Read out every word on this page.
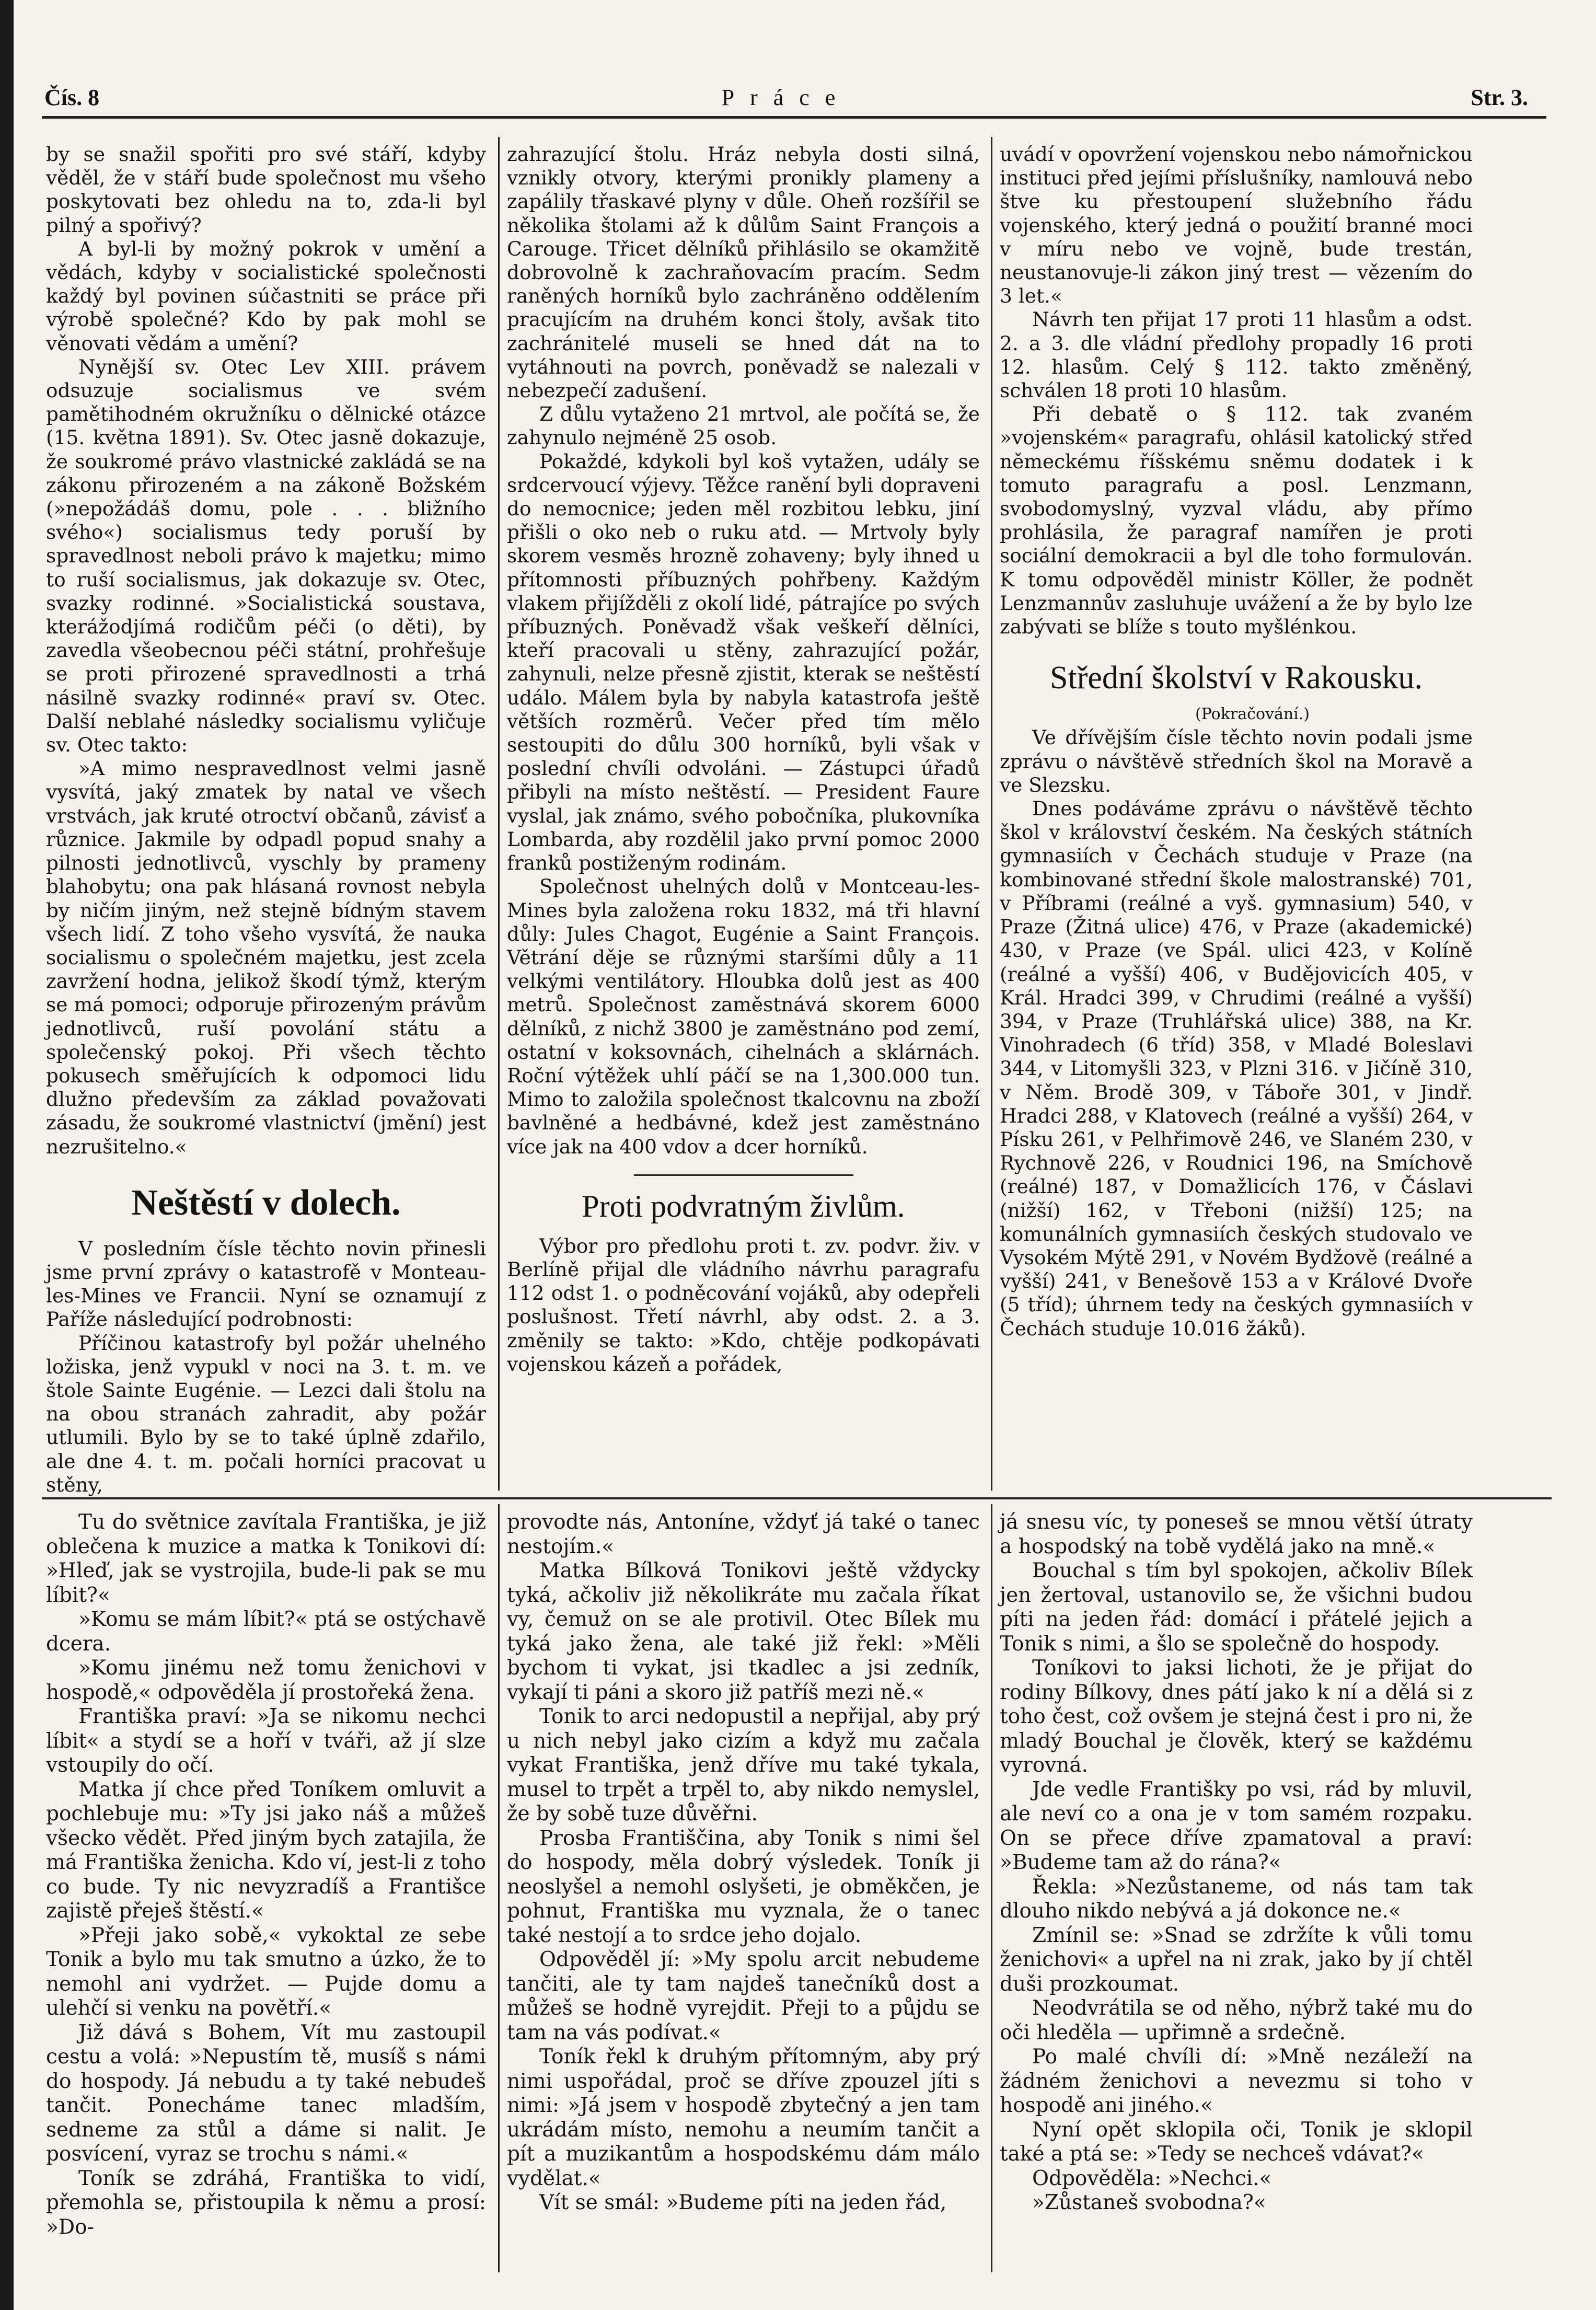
Čís. 8	Práce	Str. 3.

by se snažil spořiti pro své stáří, kdyby věděl, že v stáří bude společnost mu všeho poskytovati bez ohledu na to, zda-li byl pilný a spořivý?

A byl-li by možný pokrok v umění a vědách, kdyby v socialistické společnosti každý byl povinen súčastniti se práce při výrobě společné? Kdo by pak mohl se věnovati vědám a umění?

Nynější sv. Otec Lev XIII. právem odsuzuje socialismus ve svém pamětihodném okružníku o dělnické otázce (15. května 1891). Sv. Otec jasně dokazuje, že soukromé právo vlastnické zakládá se na zákonu přirozeném a na zákoně Božském (»nepožádáš domu, pole . . . bližního svého«) socialismus tedy poruší by spravedlnost neboli právo k majetku; mimo to ruší socialismus, jak dokazuje sv. Otec, svazky rodinné. »Socialistická soustava, kterážodjímá rodičům péči (o děti), by zavedla všeobecnou péči státní, prohřešuje se proti přirozené spravedlnosti a trhá násilně svazky rodinné« praví sv. Otec. Další neblahé následky socialismu vyličuje sv. Otec takto:

»A mimo nespravedlnost velmi jasně vysvítá, jaký zmatek by natal ve všech vrstvách, jak kruté otroctví občanů, závisť a různice. Jakmile by odpadl popud snahy a pilnosti jednotlivců, vyschly by prameny blahobytu; ona pak hlásaná rovnost nebyla by ničím jiným, než stejně bídným stavem všech lidí. Z toho všeho vysvítá, že nauka socialismu o společném majetku, jest zcela zavržení hodna, jelikož škodí týmž, kterým se má pomoci; odporuje přirozeným právům jednotlivců, ruší povolání státu a společenský pokoj. Při všech těchto pokusech směřujících k odpomoci lidu dlužno především za základ považovati zásadu, že soukromé vlastnictví (jmění) jest nezrušitelno.«

Neštěstí v dolech.

V posledním čísle těchto novin přinesli jsme první zprávy o katastrofě v Monteau-les-Mines ve Francii. Nyní se oznamují z Paříže následující podrobnosti:

Příčinou katastrofy byl požár uhelného ložiska, jenž vypukl v noci na 3. t. m. ve štole Sainte Eugénie. — Lezci dali štolu na na obou stranách zahradit, aby požár utlumili. Bylo by se to také úplně zdařilo, ale dne 4. t. m. počali horníci pracovat u stěny,

zahrazující štolu. Hráz nebyla dosti silná, vznikly otvory, kterými pronikly plameny a zapálily třaskavé plyny v důle. Oheň rozšířil se několika štolami až k důlům Saint François a Carouge. Třicet dělníků přihlásilo se okamžitě dobrovolně k zachraňovacím pracím. Sedm raněných horníků bylo zachráněno oddělením pracujícím na druhém konci štoly, avšak tito zachránitelé museli se hned dát na to vytáhnouti na povrch, poněvadž se nalezali v nebezpečí zadušení.

Z důlu vytaženo 21 mrtvol, ale počítá se, že zahynulo nejméně 25 osob.

Pokaždé, kdykoli byl koš vytažen, udály se srdcervoucí výjevy. Těžce ranění byli dopraveni do nemocnice; jeden měl rozbitou lebku, jiní přišli o oko neb o ruku atd. — Mrtvoly byly skorem vesměs hrozně zohaveny; byly ihned u přítomnosti příbuzných pohřbeny. Každým vlakem přijížděli z okolí lidé, pátrajíce po svých příbuzných. Poněvadž však veškeří dělníci, kteří pracovali u stěny, zahrazující požár, zahynuli, nelze přesně zjistit, kterak se neštěstí událo. Málem byla by nabyla katastrofa ještě větších rozměrů. Večer před tím mělo sestoupiti do důlu 300 horníků, byli však v poslední chvíli odvoláni. — Zástupci úřadů přibyli na místo neštěstí. — President Faure vyslal, jak známo, svého pobočníka, plukovníka Lombarda, aby rozdělil jako první pomoc 2000 franků postiženým rodinám.

Společnost uhelných dolů v Montceau-les-Mines byla založena roku 1832, má tři hlavní důly: Jules Chagot, Eugénie a Saint François. Větrání děje se různými staršími důly a 11 velkými ventilátory. Hloubka dolů jest as 400 metrů. Společnost zaměstnává skorem 6000 dělníků, z nichž 3800 je zaměstnáno pod zemí, ostatní v koksovnách, cihelnách a sklárnách. Roční výtěžek uhlí páčí se na 1,300.000 tun. Mimo to založila společnost tkalcovnu na zboží bavlněné a hedbávné, kdež jest zaměstnáno více jak na 400 vdov a dcer horníků.

Proti podvratným živlům.

Výbor pro předlohu proti t. zv. podvr. živ. v Berlíně přijal dle vládního návrhu paragrafu 112 odst 1. o podněcování vojáků, aby odepřeli poslušnost. Třetí návrhl, aby odst. 2. a 3. změnily se takto: »Kdo, chtěje podkopávati vojenskou kázeň a pořádek,

uvádí v opovržení vojenskou nebo námořnickou instituci před jejími příslušníky, namlouvá nebo štve ku přestoupení služebního řádu vojenského, který jedná o použití branné moci v míru nebo ve vojně, bude trestán, neustanovuje-li zákon jiný trest — vězením do 3 let.«

Návrh ten přijat 17 proti 11 hlasům a odst. 2. a 3. dle vládní předlohy propadly 16 proti 12. hlasům. Celý § 112. takto změněný, schválen 18 proti 10 hlasům.

Při debatě o § 112. tak zvaném »vojenském« paragrafu, ohlásil katolický střed německému říšskému sněmu dodatek i k tomuto paragrafu a posl. Lenzmann, svobodomyslný, vyzval vládu, aby přímo prohlásila, že paragraf namířen je proti sociální demokracii a byl dle toho formulován. K tomu odpověděl ministr Köller, že podnět Lenzmannův zasluhuje uvážení a že by bylo lze zabývati se blíže s touto myšlénkou.

Střední školství v Rakousku.

(Pokračování.)

Ve dřívějším čísle těchto novin podali jsme zprávu o návštěvě středních škol na Moravě a ve Slezsku.

Dnes podáváme zprávu o návštěvě těchto škol v království českém. Na českých státních gymnasiích v Čechách studuje v Praze (na kombinované střední škole malostranské) 701, v Příbrami (reálné a vyš. gymnasium) 540, v Praze (Žitná ulice) 476, v Praze (akademické) 430, v Praze (ve Spál. ulici 423, v Kolíně (reálné a vyšší) 406, v Budějovicích 405, v Král. Hradci 399, v Chrudimi (reálné a vyšší) 394, v Praze (Truhlářská ulice) 388, na Kr. Vinohradech (6 tříd) 358, v Mladé Boleslavi 344, v Litomyšli 323, v Plzni 316. v Jičíně 310, v Něm. Brodě 309, v Táboře 301, v Jindř. Hradci 288, v Klatovech (reálné a vyšší) 264, v Písku 261, v Pelhřimově 246, ve Slaném 230, v Rychnově 226, v Roudnici 196, na Smíchově (reálné) 187, v Domažlicích 176, v Čáslavi (nižší) 162, v Třeboni (nižší) 125; na komunálních gymnasiích českých studovalo ve Vysokém Mýtě 291, v Novém Bydžově (reálné a vyšší) 241, v Benešově 153 a v Králové Dvoře (5 tříd); úhrnem tedy na českých gymnasiích v Čechách studuje 10.016 žáků).

Tu do světnice zavítala Františka, je již oblečena k muzice a matka k Tonikovi dí: »Hleď, jak se vystrojila, bude-li pak se mu líbit?«

»Komu se mám líbit?« ptá se ostýchavě dcera.

»Komu jinému než tomu ženichovi v hospodě,« odpověděla jí prostořeká žena.

Františka praví: »Ja se nikomu nechci líbit« a stydí se a hoří v tváři, až jí slze vstoupily do očí.

Matka jí chce před Toníkem omluvit a pochlebuje mu: »Ty jsi jako náš a můžeš všecko vědět. Před jiným bych zatajila, že má Františka ženicha. Kdo ví, jest-li z toho co bude. Ty nic nevyzradíš a Františce zajistě přeješ štěstí.«

»Přeji jako sobě,« vykoktal ze sebe Tonik a bylo mu tak smutno a úzko, že to nemohl ani vydržet. — Pujde domu a ulehčí si venku na povětří.«

Již dává s Bohem, Vít mu zastoupil cestu a volá: »Nepustím tě, musíš s námi do hospody. Já nebudu a ty také nebudeš tančit. Ponecháme tanec mladším, sedneme za stůl a dáme si nalit. Je posvícení, vyraz se trochu s námi.«

Toník se zdráhá, Františka to vidí, přemohla se, přistoupila k němu a prosí: »Do-

provodte nás, Antoníne, vždyť já také o tanec nestojím.«

Matka Bílková Tonikovi ještě vždycky tyká, ačkoliv již několikráte mu začala říkat vy, čemuž on se ale protivil. Otec Bílek mu tyká jako žena, ale také již řekl: »Měli bychom ti vykat, jsi tkadlec a jsi zedník, vykají ti páni a skoro již patříš mezi ně.«

Tonik to arci nedopustil a nepřijal, aby prý u nich nebyl jako cizím a když mu začala vykat Františka, jenž dříve mu také tykala, musel to trpět a trpěl to, aby nikdo nemyslel, že by sobě tuze důvěřni.

Prosba Františčina, aby Tonik s nimi šel do hospody, měla dobrý výsledek. Toník ji neoslyšel a nemohl oslyšeti, je obměkčen, je pohnut, Františka mu vyznala, že o tanec také nestojí a to srdce jeho dojalo.

Odpověděl jí: »My spolu arcit nebudeme tančiti, ale ty tam najdeš tanečníků dost a můžeš se hodně vyrejdit. Přeji to a půjdu se tam na vás podívat.«

Toník řekl k druhým přítomným, aby prý nimi uspořádal, proč se dříve zpouzel jíti s nimi: »Já jsem v hospodě zbytečný a jen tam ukrádám místo, nemohu a neumím tančit a pít a muzikantům a hospodskému dám málo vydělat.«

Vít se smál: »Budeme píti na jeden řád,

já snesu víc, ty poneseš se mnou větší útraty a hospodský na tobě vydělá jako na mně.«

Bouchal s tím byl spokojen, ačkoliv Bílek jen žertoval, ustanovilo se, že všichni budou píti na jeden řád: domácí i přátelé jejich a Tonik s nimi, a šlo se společně do hospody.

Toníkovi to jaksi lichoti, že je přijat do rodiny Bílkovy, dnes pátí jako k ní a dělá si z toho čest, což ovšem je stejná čest i pro ni, že mladý Bouchal je člověk, který se každému vyrovná.

Jde vedle Františky po vsi, rád by mluvil, ale neví co a ona je v tom samém rozpaku. On se přece dříve zpamatoval a praví: »Budeme tam až do rána?«

Řekla: »Nezůstaneme, od nás tam tak dlouho nikdo nebývá a já dokonce ne.«

Zmínil se: »Snad se zdržíte k vůli tomu ženichovi« a upřel na ni zrak, jako by jí chtěl duši prozkoumat.

Neodvrátila se od něho, nýbrž také mu do oči hleděla — upřimně a srdečně.

Po malé chvíli dí: »Mně nezáleží na žádném ženichovi a nevezmu si toho v hospodě ani jiného.«

Nyní opět sklopila oči, Tonik je sklopil také a ptá se: »Tedy se nechceš vdávat?«

Odpověděla: »Nechci.«

»Zůstaneš svobodna?«
